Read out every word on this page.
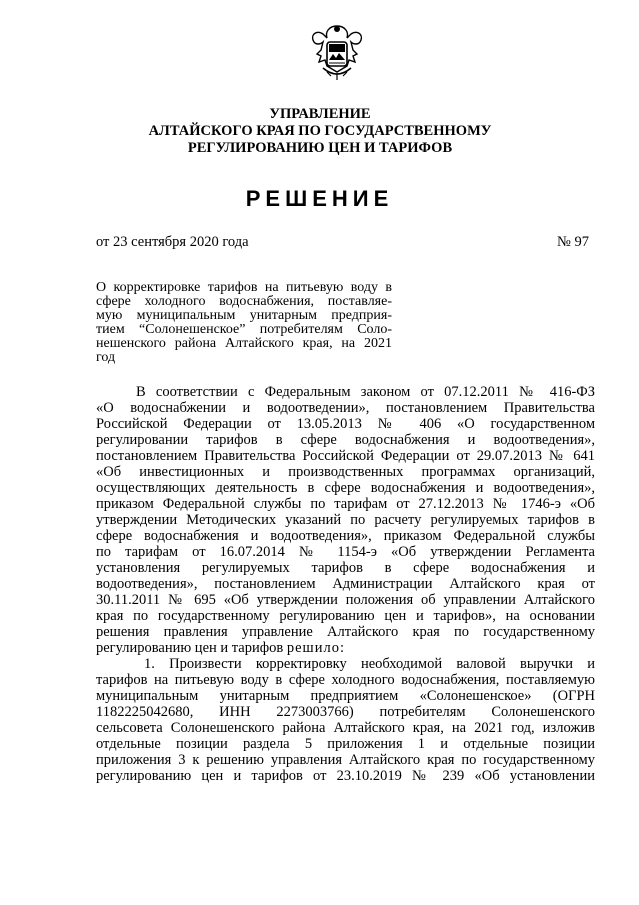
УПРАВЛЕНИЕ
АЛТАЙСКОГО КРАЯ ПО ГОСУДАРСТВЕННОМУ
РЕГУЛИРОВАНИЮ ЦЕН И ТАРИФОВ
РЕШЕНИЕ
от 23 сентября 2020 года	№ 97
О корректировке тарифов на питьевую воду в
сфере холодного водоснабжения, поставляе-
мую муниципальным унитарным предприя-
тием “Солонешенское” потребителям Соло-
нешенского района Алтайского края, на 2021
год
В соответствии с Федеральным законом от 07.12.2011 № 416-ФЗ
«О водоснабжении и водоотведении», постановлением Правительства
Российской Федерации от 13.05.2013 № 406 «О государственном
регулировании тарифов в сфере водоснабжения и водоотведения»,
постановлением Правительства Российской Федерации от 29.07.2013 № 641
«Об инвестиционных и производственных программах организаций,
осуществляющих деятельность в сфере водоснабжения и водоотведения»,
приказом Федеральной службы по тарифам от 27.12.2013 № 1746-э «Об
утверждении Методических указаний по расчету регулируемых тарифов в
сфере водоснабжения и водоотведения», приказом Федеральной службы
по тарифам от 16.07.2014 № 1154-э «Об утверждении Регламента
установления регулируемых тарифов в сфере водоснабжения и
водоотведения», постановлением Администрации Алтайского края от
30.11.2011 № 695 «Об утверждении положения об управлении Алтайского
края по государственному регулированию цен и тарифов», на основании
решения правления управление Алтайского края по государственному
регулированию цен и тарифов решило:
1. Произвести корректировку необходимой валовой выручки и
тарифов на питьевую воду в сфере холодного водоснабжения, поставляемую
муниципальным унитарным предприятием «Солонешенское» (ОГРН
1182225042680, ИНН 2273003766) потребителям Солонешенского
сельсовета Солонешенского района Алтайского края, на 2021 год, изложив
отдельные позиции раздела 5 приложения 1 и отдельные позиции
приложения 3 к решению управления Алтайского края по государственному
регулированию цен и тарифов от 23.10.2019 № 239 «Об установлении
